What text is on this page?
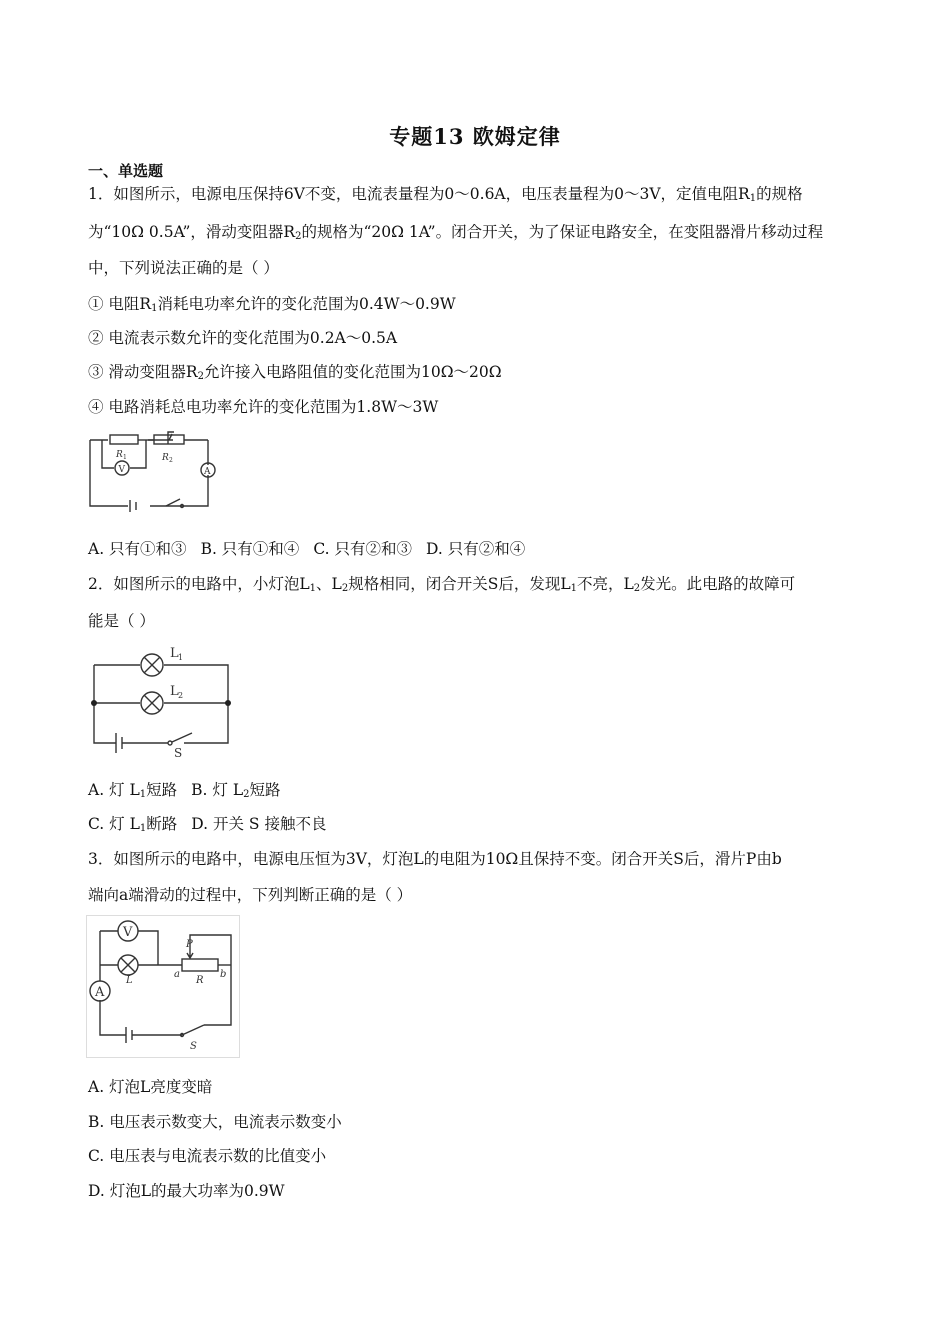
专题13 欧姆定律
一、单选题
1．如图所示，电源电压保持6V不变，电流表量程为0～0.6A，电压表量程为0～3V，定值电阻$R_1$的规格
为“10Ω 0.5A”，滑动变阻器$R_2$的规格为“20Ω 1A”。闭合开关，为了保证电路安全，在变阻器滑片移动过程
中，下列说法正确的是（ ）
① 电阻$R_1$消耗电功率允许的变化范围为0.4W～0.9W
② 电流表示数允许的变化范围为0.2A～0.5A
③ 滑动变阻器$R_2$允许接入电路阻值的变化范围为10Ω～20Ω
④ 电路消耗总电功率允许的变化范围为1.8W～3W
V	A
R 1	R 2
A. 只有①和③ B. 只有①和④ C. 只有②和③ D. 只有②和④
2．如图所示的电路中，小灯泡$L_1$、$L_2$规格相同，闭合开关S后，发现$L_1$不亮，$L_2$发光。此电路的故障可
能是（ ）
L 1
L 2
S
A. 灯 $L_1$短路 B. 灯 $L_2$短路
C. 灯 $L_1$断路 D. 开关 S 接触不良
3．如图所示的电路中，电源电压恒为3V，灯泡L的电阻为10Ω且保持不变。闭合开关S后，滑片P由b
端向a端滑动的过程中，下列判断正确的是（ ）
V
A
L
P
a
R
b
S
A. 灯泡L亮度变暗
B. 电压表示数变大，电流表示数变小
C. 电压表与电流表示数的比值变小
D. 灯泡L的最大功率为0.9W
